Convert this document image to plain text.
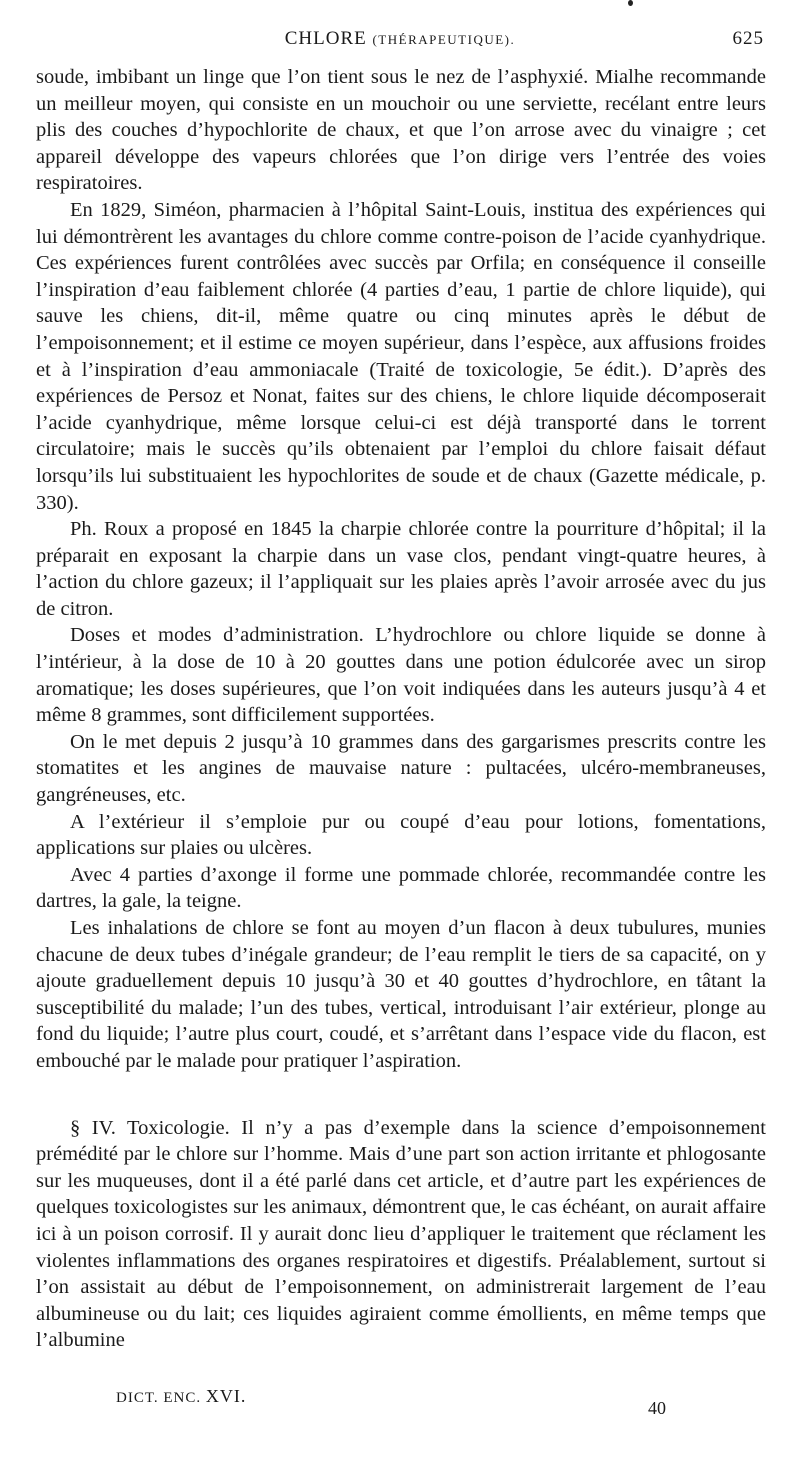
CHLORE (THÉRAPEUTIQUE).	625

soude, imbibant un linge que l’on tient sous le nez de l’asphyxié. Mialhe recommande un meilleur moyen, qui consiste en un mouchoir ou une serviette, recélant entre leurs plis des couches d’hypochlorite de chaux, et que l’on arrose avec du vinaigre ; cet appareil développe des vapeurs chlorées que l’on dirige vers l’entrée des voies respiratoires.

En 1829, Siméon, pharmacien à l’hôpital Saint-Louis, institua des expériences qui lui démontrèrent les avantages du chlore comme contre-poison de l’acide cyanhydrique. Ces expériences furent contrôlées avec succès par Orfila; en conséquence il conseille l’inspiration d’eau faiblement chlorée (4 parties d’eau, 1 partie de chlore liquide), qui sauve les chiens, dit-il, même quatre ou cinq minutes après le début de l’empoisonnement; et il estime ce moyen supérieur, dans l’espèce, aux affusions froides et à l’inspiration d’eau ammoniacale (Traité de toxicologie, 5e édit.). D’après des expériences de Persoz et Nonat, faites sur des chiens, le chlore liquide décomposerait l’acide cyanhydrique, même lorsque celui-ci est déjà transporté dans le torrent circulatoire; mais le succès qu’ils obtenaient par l’emploi du chlore faisait défaut lorsqu’ils lui substituaient les hypochlorites de soude et de chaux (Gazette médicale, p. 330).

Ph. Roux a proposé en 1845 la charpie chlorée contre la pourriture d’hôpital; il la préparait en exposant la charpie dans un vase clos, pendant vingt-quatre heures, à l’action du chlore gazeux; il l’appliquait sur les plaies après l’avoir arrosée avec du jus de citron.

Doses et modes d’administration. L’hydrochlore ou chlore liquide se donne à l’intérieur, à la dose de 10 à 20 gouttes dans une potion édulcorée avec un sirop aromatique; les doses supérieures, que l’on voit indiquées dans les auteurs jusqu’à 4 et même 8 grammes, sont difficilement supportées.

On le met depuis 2 jusqu’à 10 grammes dans des gargarismes prescrits contre les stomatites et les angines de mauvaise nature : pultacées, ulcéro-membraneuses, gangréneuses, etc.

A l’extérieur il s’emploie pur ou coupé d’eau pour lotions, fomentations, applications sur plaies ou ulcères.

Avec 4 parties d’axonge il forme une pommade chlorée, recommandée contre les dartres, la gale, la teigne.

Les inhalations de chlore se font au moyen d’un flacon à deux tubulures, munies chacune de deux tubes d’inégale grandeur; de l’eau remplit le tiers de sa capacité, on y ajoute graduellement depuis 10 jusqu’à 30 et 40 gouttes d’hydrochlore, en tâtant la susceptibilité du malade; l’un des tubes, vertical, introduisant l’air extérieur, plonge au fond du liquide; l’autre plus court, coudé, et s’arrêtant dans l’espace vide du flacon, est embouché par le malade pour pratiquer l’aspiration.

§ IV. Toxicologie. Il n’y a pas d’exemple dans la science d’empoisonnement prémédité par le chlore sur l’homme. Mais d’une part son action irritante et phlogosante sur les muqueuses, dont il a été parlé dans cet article, et d’autre part les expériences de quelques toxicologistes sur les animaux, démontrent que, le cas échéant, on aurait affaire ici à un poison corrosif. Il y aurait donc lieu d’appliquer le traitement que réclament les violentes inflammations des organes respiratoires et digestifs. Préalablement, surtout si l’on assistait au début de l’empoisonnement, on administrerait largement de l’eau albumineuse ou du lait; ces liquides agiraient comme émollients, en même temps que l’albumine

DICT. ENC. XVI.
40
